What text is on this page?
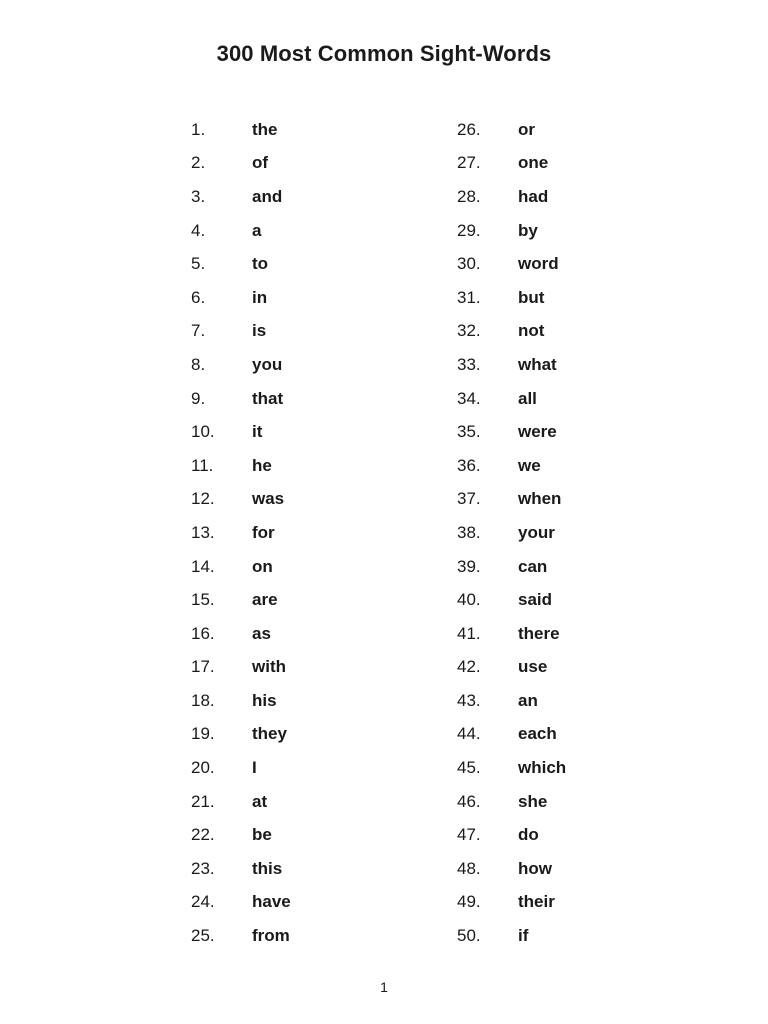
300 Most Common Sight-Words
1.	the
2.	of
3.	and
4.	a
5.	to
6.	in
7.	is
8.	you
9.	that
10.	it
11.	he
12.	was
13.	for
14.	on
15.	are
16.	as
17.	with
18.	his
19.	they
20.	I
21.	at
22.	be
23.	this
24.	have
25.	from
26.	or
27.	one
28.	had
29.	by
30.	word
31.	but
32.	not
33.	what
34.	all
35.	were
36.	we
37.	when
38.	your
39.	can
40.	said
41.	there
42.	use
43.	an
44.	each
45.	which
46.	she
47.	do
48.	how
49.	their
50.	if
1
